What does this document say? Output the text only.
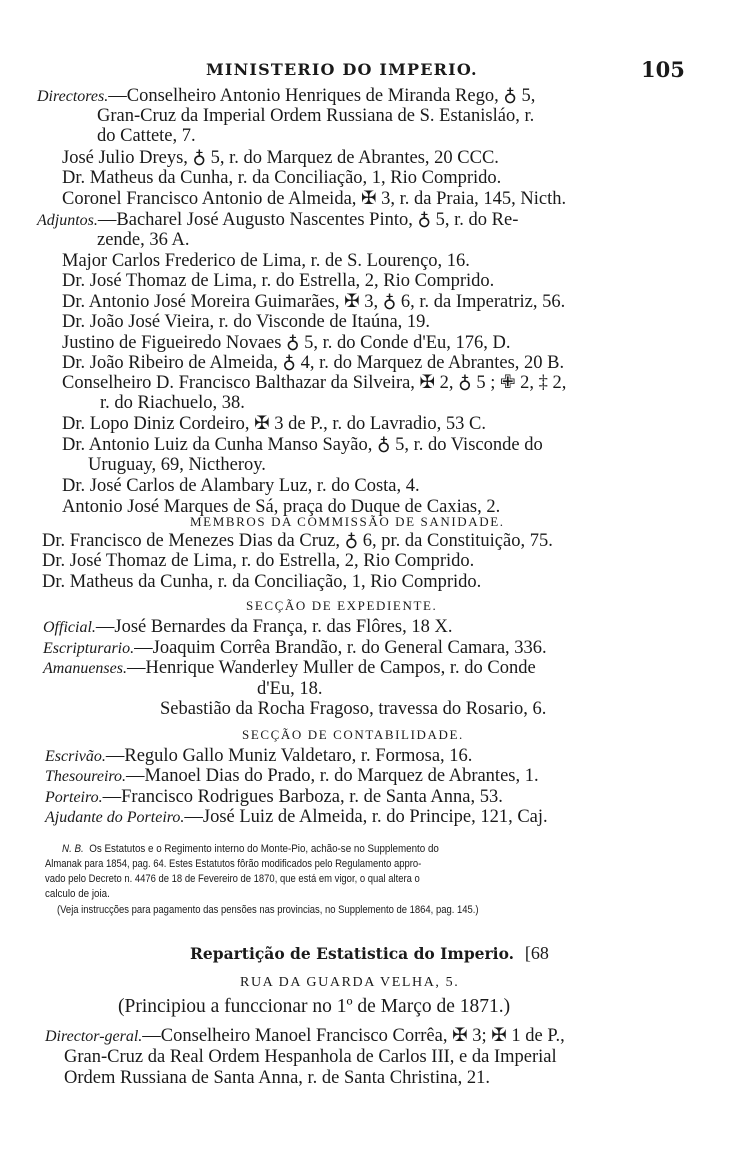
MINISTERIO DO IMPERIO.	105
Directores.—Conselheiro Antonio Henriques de Miranda Rego, ♁ 5,
Gran-Cruz da Imperial Ordem Russiana de S. Estanisláo, r.
do Cattete, 7.
José Julio Dreys, ♁ 5, r. do Marquez de Abrantes, 20 CCC.
Dr. Matheus da Cunha, r. da Conciliação, 1, Rio Comprido.
Coronel Francisco Antonio de Almeida, ✠ 3, r. da Praia, 145, Nicth.
Adjuntos.—Bacharel José Augusto Nascentes Pinto, ♁ 5, r. do Re-
zende, 36 A.
Major Carlos Frederico de Lima, r. de S. Lourenço, 16.
Dr. José Thomaz de Lima, r. do Estrella, 2, Rio Comprido.
Dr. Antonio José Moreira Guimarães, ✠ 3, ♁ 6, r. da Imperatriz, 56.
Dr. João José Vieira, r. do Visconde de Itaúna, 19.
Justino de Figueiredo Novaes ♁ 5, r. do Conde d'Eu, 176, D.
Dr. João Ribeiro de Almeida, ♁ 4, r. do Marquez de Abrantes, 20 B.
Conselheiro D. Francisco Balthazar da Silveira, ✠ 2, ♁ 5 ; ✙ 2, ‡ 2,
r. do Riachuelo, 38.
Dr. Lopo Diniz Cordeiro, ✠ 3 de P., r. do Lavradio, 53 C.
Dr. Antonio Luiz da Cunha Manso Sayão, ♁ 5, r. do Visconde do
Uruguay, 69, Nictheroy.
Dr. José Carlos de Alambary Luz, r. do Costa, 4.
Antonio José Marques de Sá, praça do Duque de Caxias, 2.
MEMBROS DA COMMISSÃO DE SANIDADE.
Dr. Francisco de Menezes Dias da Cruz, ♁ 6, pr. da Constituição, 75.
Dr. José Thomaz de Lima, r. do Estrella, 2, Rio Comprido.
Dr. Matheus da Cunha, r. da Conciliação, 1, Rio Comprido.
SECÇÃO DE EXPEDIENTE.
Official.—José Bernardes da França, r. das Flôres, 18 X.
Escripturario.—Joaquim Corrêa Brandão, r. do General Camara, 336.
Amanuenses.—Henrique Wanderley Muller de Campos, r. do Conde
d'Eu, 18.
Sebastião da Rocha Fragoso, travessa do Rosario, 6.
SECÇÃO DE CONTABILIDADE.
Escrivão.—Regulo Gallo Muniz Valdetaro, r. Formosa, 16.
Thesoureiro.—Manoel Dias do Prado, r. do Marquez de Abrantes, 1.
Porteiro.—Francisco Rodrigues Barboza, r. de Santa Anna, 53.
Ajudante do Porteiro.—José Luiz de Almeida, r. do Principe, 121, Caj.
N. B. Os Estatutos e o Regimento interno do Monte-Pio, achão-se no Supplemento do
Almanak para 1854, pag. 64. Estes Estatutos fôrão modificados pelo Regulamento appro-
vado pelo Decreto n. 4476 de 18 de Fevereiro de 1870, que está em vigor, o qual altera o
calculo de joia.
(Veja instrucções para pagamento das pensões nas provincias, no Supplemento de 1864, pag. 145.)
Repartição de Estatistica do Imperio. [68
RUA DA GUARDA VELHA, 5.
(Principiou a funccionar no 1º de Março de 1871.)
Director-geral.—Conselheiro Manoel Francisco Corrêa, ✠ 3; ✠ 1 de P.,
Gran-Cruz da Real Ordem Hespanhola de Carlos III, e da Imperial
Ordem Russiana de Santa Anna, r. de Santa Christina, 21.
